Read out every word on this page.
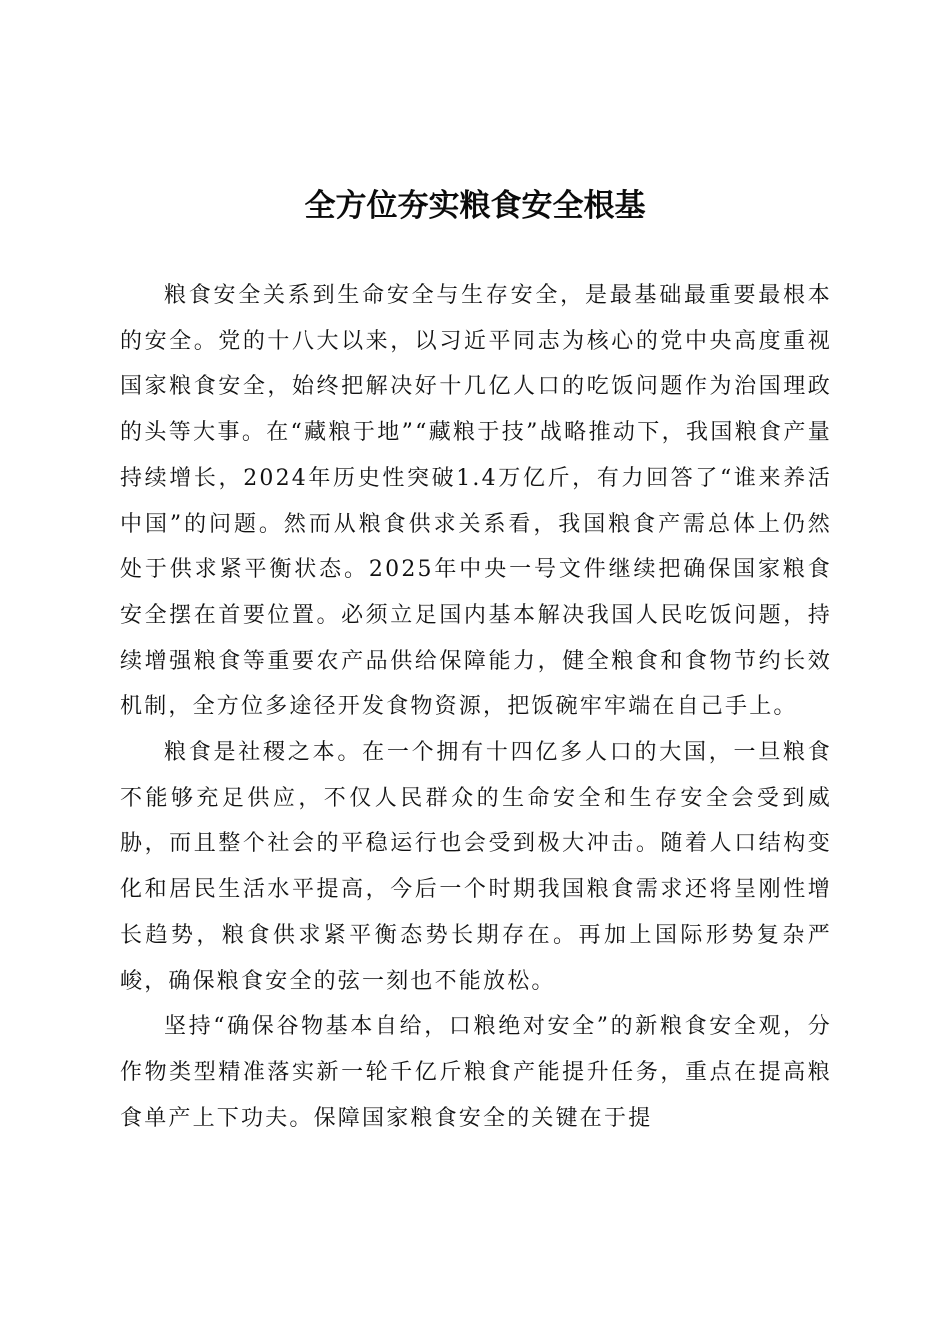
全方位夯实粮食安全根基

粮食安全关系到生命安全与生存安全，是最基础最重要最根本的安全。党的十八大以来，以习近平同志为核心的党中央高度重视国家粮食安全，始终把解决好十几亿人口的吃饭问题作为治国理政的头等大事。在“藏粮于地”“藏粮于技”战略推动下，我国粮食产量持续增长，2024年历史性突破1.4万亿斤，有力回答了“谁来养活中国”的问题。然而从粮食供求关系看，我国粮食产需总体上仍然处于供求紧平衡状态。2025年中央一号文件继续把确保国家粮食安全摆在首要位置。必须立足国内基本解决我国人民吃饭问题，持续增强粮食等重要农产品供给保障能力，健全粮食和食物节约长效机制，全方位多途径开发食物资源，把饭碗牢牢端在自己手上。

粮食是社稷之本。在一个拥有十四亿多人口的大国，一旦粮食不能够充足供应，不仅人民群众的生命安全和生存安全会受到威胁，而且整个社会的平稳运行也会受到极大冲击。随着人口结构变化和居民生活水平提高，今后一个时期我国粮食需求还将呈刚性增长趋势，粮食供求紧平衡态势长期存在。再加上国际形势复杂严峻，确保粮食安全的弦一刻也不能放松。

坚持“确保谷物基本自给，口粮绝对安全”的新粮食安全观，分作物类型精准落实新一轮千亿斤粮食产能提升任务，重点在提高粮食单产上下功夫。保障国家粮食安全的关键在于提
